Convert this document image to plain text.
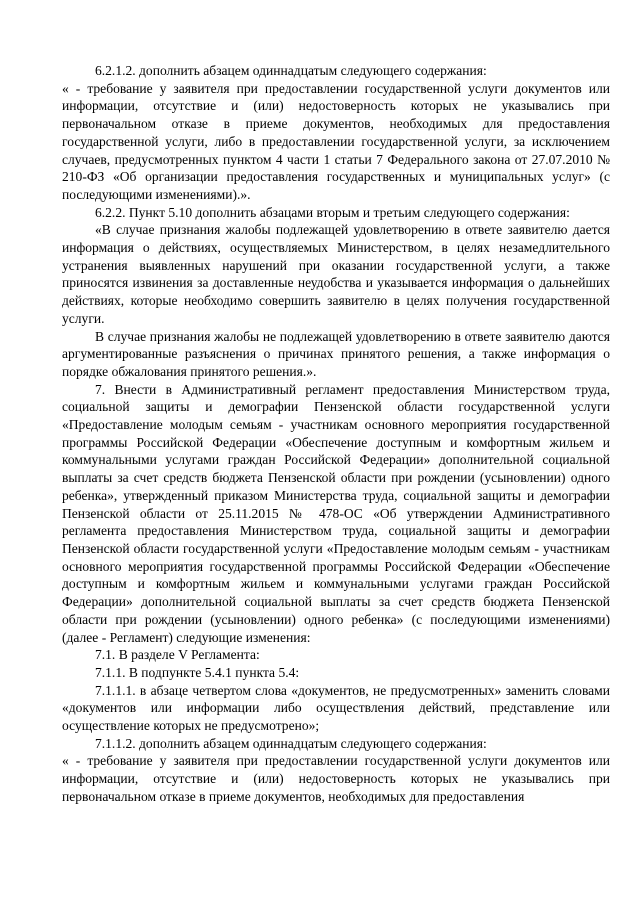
6.2.1.2. дополнить абзацем одиннадцатым следующего содержания:

« - требование у заявителя при предоставлении государственной услуги документов или информации, отсутствие и (или) недостоверность которых не указывались при первоначальном отказе в приеме документов, необходимых для предоставления государственной услуги, либо в предоставлении государственной услуги, за исключением случаев, предусмотренных пунктом 4 части 1 статьи 7 Федерального закона от 27.07.2010 № 210-ФЗ «Об организации предоставления государственных и муниципальных услуг» (с последующими изменениями).».

6.2.2. Пункт 5.10 дополнить абзацами вторым и третьим следующего содержания:

«В случае признания жалобы подлежащей удовлетворению в ответе заявителю дается информация о действиях, осуществляемых Министерством, в целях незамедлительного устранения выявленных нарушений при оказании государственной услуги, а также приносятся извинения за доставленные неудобства и указывается информация о дальнейших действиях, которые необходимо совершить заявителю в целях получения государственной услуги.

В случае признания жалобы не подлежащей удовлетворению в ответе заявителю даются аргументированные разъяснения о причинах принятого решения, а также информация о порядке обжалования принятого решения.».

7. Внести в Административный регламент предоставления Министерством труда, социальной защиты и демографии Пензенской области государственной услуги «Предоставление молодым семьям - участникам основного мероприятия государственной программы Российской Федерации «Обеспечение доступным и комфортным жильем и коммунальными услугами граждан Российской Федерации» дополнительной социальной выплаты за счет средств бюджета Пензенской области при рождении (усыновлении) одного ребенка», утвержденный приказом Министерства труда, социальной защиты и демографии Пензенской области от 25.11.2015 № 478-ОС «Об утверждении Административного регламента предоставления Министерством труда, социальной защиты и демографии Пензенской области государственной услуги «Предоставление молодым семьям - участникам основного мероприятия государственной программы Российской Федерации «Обеспечение доступным и комфортным жильем и коммунальными услугами граждан Российской Федерации» дополнительной социальной выплаты за счет средств бюджета Пензенской области при рождении (усыновлении) одного ребенка» (с последующими изменениями) (далее - Регламент) следующие изменения:

7.1. В разделе V Регламента:

7.1.1. В подпункте 5.4.1 пункта 5.4:

7.1.1.1. в абзаце четвертом слова «документов, не предусмотренных» заменить словами «документов или информации либо осуществления действий, представление или осуществление которых не предусмотрено»;

7.1.1.2. дополнить абзацем одиннадцатым следующего содержания:

« - требование у заявителя при предоставлении государственной услуги документов или информации, отсутствие и (или) недостоверность которых не указывались при первоначальном отказе в приеме документов, необходимых для предоставления
